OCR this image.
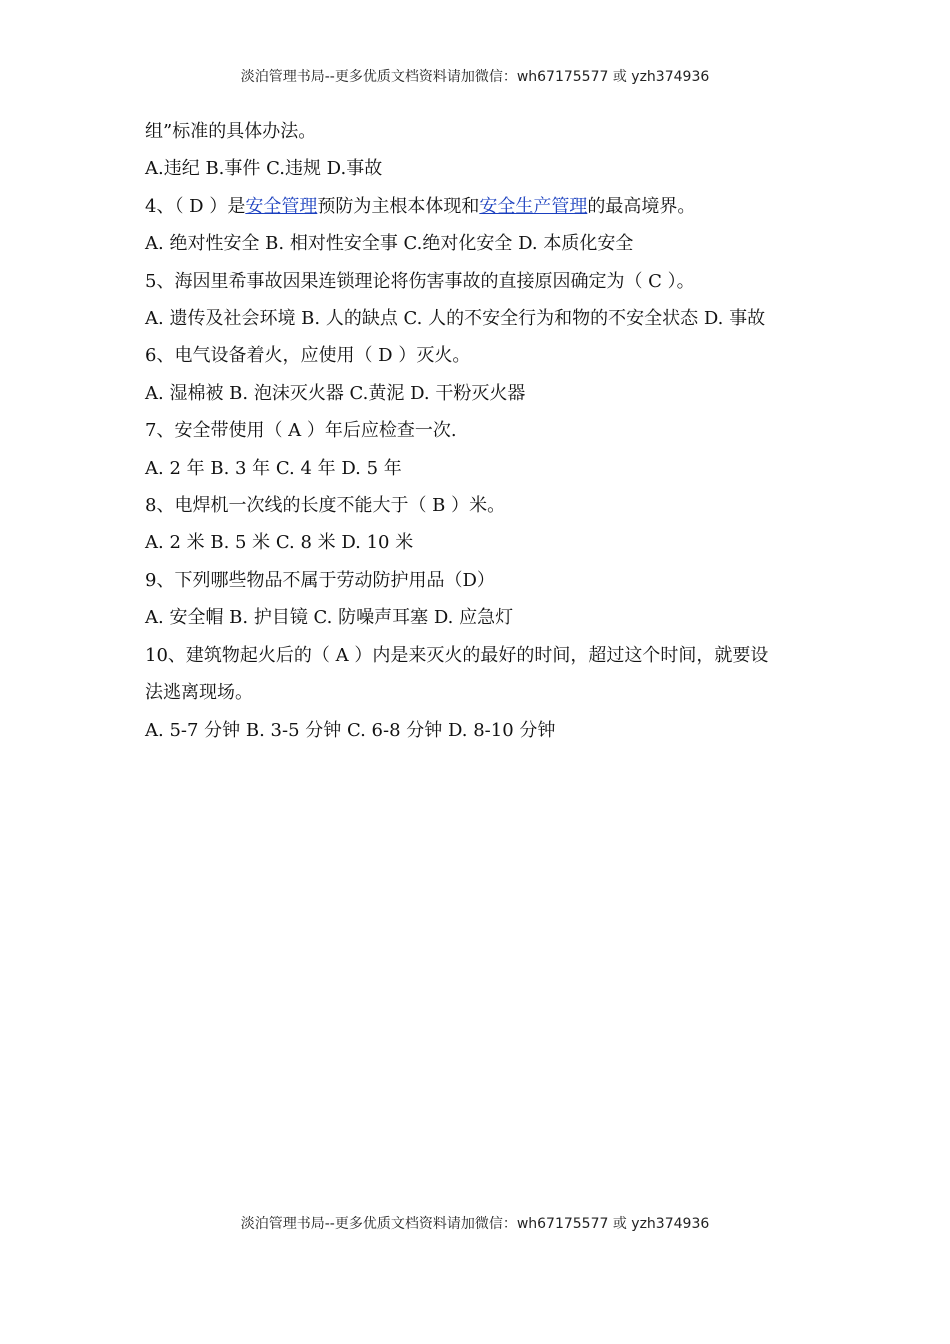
淡泊管理书局--更多优质文档资料请加微信：wh67175577 或 yzh374936
组”标准的具体办法。
A.违纪 B.事件 C.违规 D.事故
4、（ D ）是安全管理预防为主根本体现和安全生产管理的最高境界。
A. 绝对性安全 B. 相对性安全事 C.绝对化安全 D. 本质化安全
5、海因里希事故因果连锁理论将伤害事故的直接原因确定为（ C ）。
A. 遗传及社会环境 B. 人的缺点 C. 人的不安全行为和物的不安全状态 D. 事故
6、电气设备着火，应使用（ D ）灭火。
A. 湿棉被 B. 泡沫灭火器 C.黄泥 D. 干粉灭火器
7、安全带使用（ A ）年后应检查一次.
A. 2 年 B. 3 年 C. 4 年 D. 5 年
8、电焊机一次线的长度不能大于（ B ）米。
A. 2 米 B. 5 米 C. 8 米 D. 10 米
9、下列哪些物品不属于劳动防护用品（D）
A. 安全帽 B. 护目镜 C. 防噪声耳塞 D. 应急灯
10、建筑物起火后的（ A ）内是来灭火的最好的时间，超过这个时间，就要设
法逃离现场。
A. 5-7 分钟 B. 3-5 分钟 C. 6-8 分钟 D. 8-10 分钟
淡泊管理书局--更多优质文档资料请加微信：wh67175577 或 yzh374936
